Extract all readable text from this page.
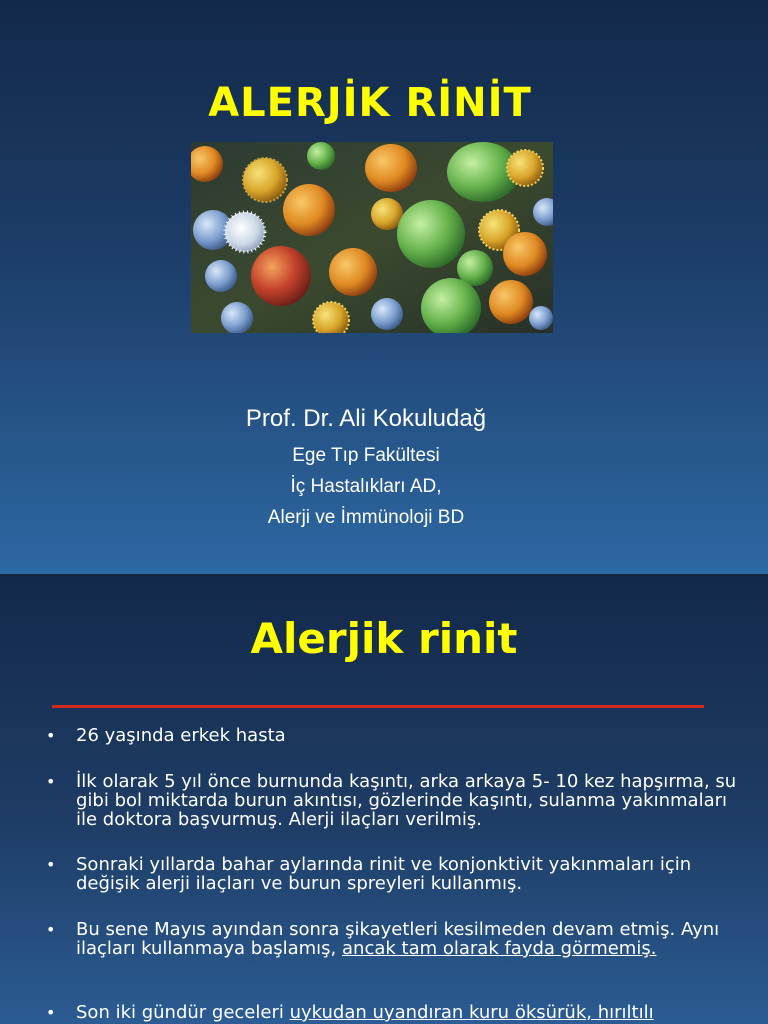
ALERJİK RİNİT
Prof. Dr. Ali Kokuludağ
Ege Tıp Fakültesi
İç Hastalıkları AD,
Alerji ve İmmünoloji BD
Alerjik rinit
• 26 yaşında erkek hasta
• İlk olarak 5 yıl önce burnunda kaşıntı, arka arkaya 5- 10 kez hapşırma, su gibi bol miktarda burun akıntısı, gözlerinde kaşıntı, sulanma yakınmaları ile doktora başvurmuş. Alerji ilaçları verilmiş.
• Sonraki yıllarda bahar aylarında rinit ve konjonktivit yakınmaları için değişik alerji ilaçları ve burun spreyleri kullanmış.
• Bu sene Mayıs ayından sonra şikayetleri kesilmeden devam etmiş. Aynı ilaçları kullanmaya başlamış, ancak tam olarak fayda görmemiş.
• Son iki gündür geceleri uykudan uyandıran kuru öksürük, hırıltılı
